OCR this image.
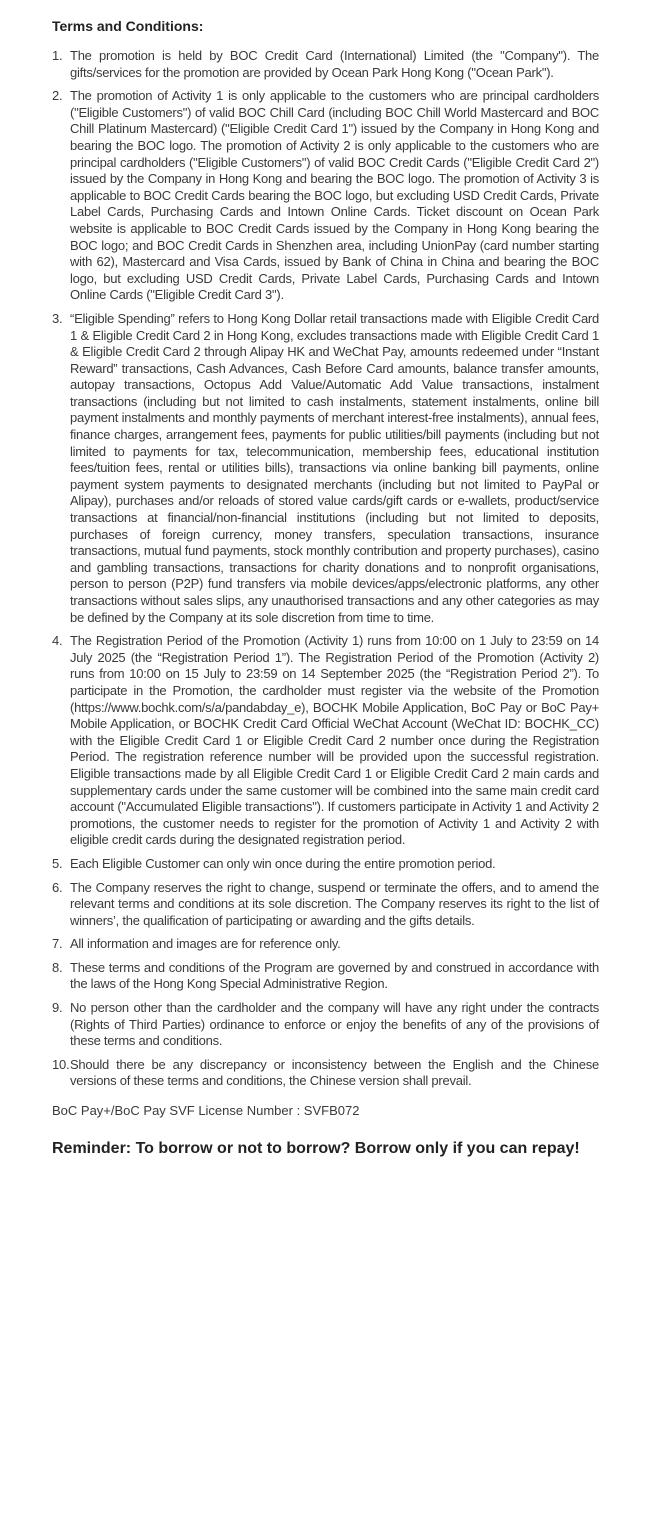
Terms and Conditions:
1. The promotion is held by BOC Credit Card (International) Limited (the "Company"). The gifts/services for the promotion are provided by Ocean Park Hong Kong ("Ocean Park").
2. The promotion of Activity 1 is only applicable to the customers who are principal cardholders ("Eligible Customers") of valid BOC Chill Card (including BOC Chill World Mastercard and BOC Chill Platinum Mastercard) ("Eligible Credit Card 1") issued by the Company in Hong Kong and bearing the BOC logo. The promotion of Activity 2 is only applicable to the customers who are principal cardholders ("Eligible Customers") of valid BOC Credit Cards ("Eligible Credit Card 2") issued by the Company in Hong Kong and bearing the BOC logo. The promotion of Activity 3 is applicable to BOC Credit Cards bearing the BOC logo, but excluding USD Credit Cards, Private Label Cards, Purchasing Cards and Intown Online Cards. Ticket discount on Ocean Park website is applicable to BOC Credit Cards issued by the Company in Hong Kong bearing the BOC logo; and BOC Credit Cards in Shenzhen area, including UnionPay (card number starting with 62), Mastercard and Visa Cards, issued by Bank of China in China and bearing the BOC logo, but excluding USD Credit Cards, Private Label Cards, Purchasing Cards and Intown Online Cards ("Eligible Credit Card 3").
3. “Eligible Spending” refers to Hong Kong Dollar retail transactions made with Eligible Credit Card 1 & Eligible Credit Card 2 in Hong Kong, excludes transactions made with Eligible Credit Card 1 & Eligible Credit Card 2 through Alipay HK and WeChat Pay, amounts redeemed under “Instant Reward” transactions, Cash Advances, Cash Before Card amounts, balance transfer amounts, autopay transactions, Octopus Add Value/Automatic Add Value transactions, instalment transactions (including but not limited to cash instalments, statement instalments, online bill payment instalments and monthly payments of merchant interest-free instalments), annual fees, finance charges, arrangement fees, payments for public utilities/bill payments (including but not limited to payments for tax, telecommunication, membership fees, educational institution fees/tuition fees, rental or utilities bills), transactions via online banking bill payments, online payment system payments to designated merchants (including but not limited to PayPal or Alipay), purchases and/or reloads of stored value cards/gift cards or e-wallets, product/service transactions at financial/non-financial institutions (including but not limited to deposits, purchases of foreign currency, money transfers, speculation transactions, insurance transactions, mutual fund payments, stock monthly contribution and property purchases), casino and gambling transactions, transactions for charity donations and to nonprofit organisations, person to person (P2P) fund transfers via mobile devices/apps/electronic platforms, any other transactions without sales slips, any unauthorised transactions and any other categories as may be defined by the Company at its sole discretion from time to time.
4. The Registration Period of the Promotion (Activity 1) runs from 10:00 on 1 July to 23:59 on 14 July 2025 (the “Registration Period 1”). The Registration Period of the Promotion (Activity 2) runs from 10:00 on 15 July to 23:59 on 14 September 2025 (the “Registration Period 2”). To participate in the Promotion, the cardholder must register via the website of the Promotion (https://www.bochk.com/s/a/pandabday_e), BOCHK Mobile Application, BoC Pay or BoC Pay+ Mobile Application, or BOCHK Credit Card Official WeChat Account (WeChat ID: BOCHK_CC) with the Eligible Credit Card 1 or Eligible Credit Card 2 number once during the Registration Period. The registration reference number will be provided upon the successful registration. Eligible transactions made by all Eligible Credit Card 1 or Eligible Credit Card 2 main cards and supplementary cards under the same customer will be combined into the same main credit card account ("Accumulated Eligible transactions"). If customers participate in Activity 1 and Activity 2 promotions, the customer needs to register for the promotion of Activity 1 and Activity 2 with eligible credit cards during the designated registration period.
5. Each Eligible Customer can only win once during the entire promotion period.
6. The Company reserves the right to change, suspend or terminate the offers, and to amend the relevant terms and conditions at its sole discretion. The Company reserves its right to the list of winners’, the qualification of participating or awarding and the gifts details.
7. All information and images are for reference only.
8. These terms and conditions of the Program are governed by and construed in accordance with the laws of the Hong Kong Special Administrative Region.
9. No person other than the cardholder and the company will have any right under the contracts (Rights of Third Parties) ordinance to enforce or enjoy the benefits of any of the provisions of these terms and conditions.
10. Should there be any discrepancy or inconsistency between the English and the Chinese versions of these terms and conditions, the Chinese version shall prevail.
BoC Pay+/BoC Pay SVF License Number : SVFB072
Reminder: To borrow or not to borrow? Borrow only if you can repay!
